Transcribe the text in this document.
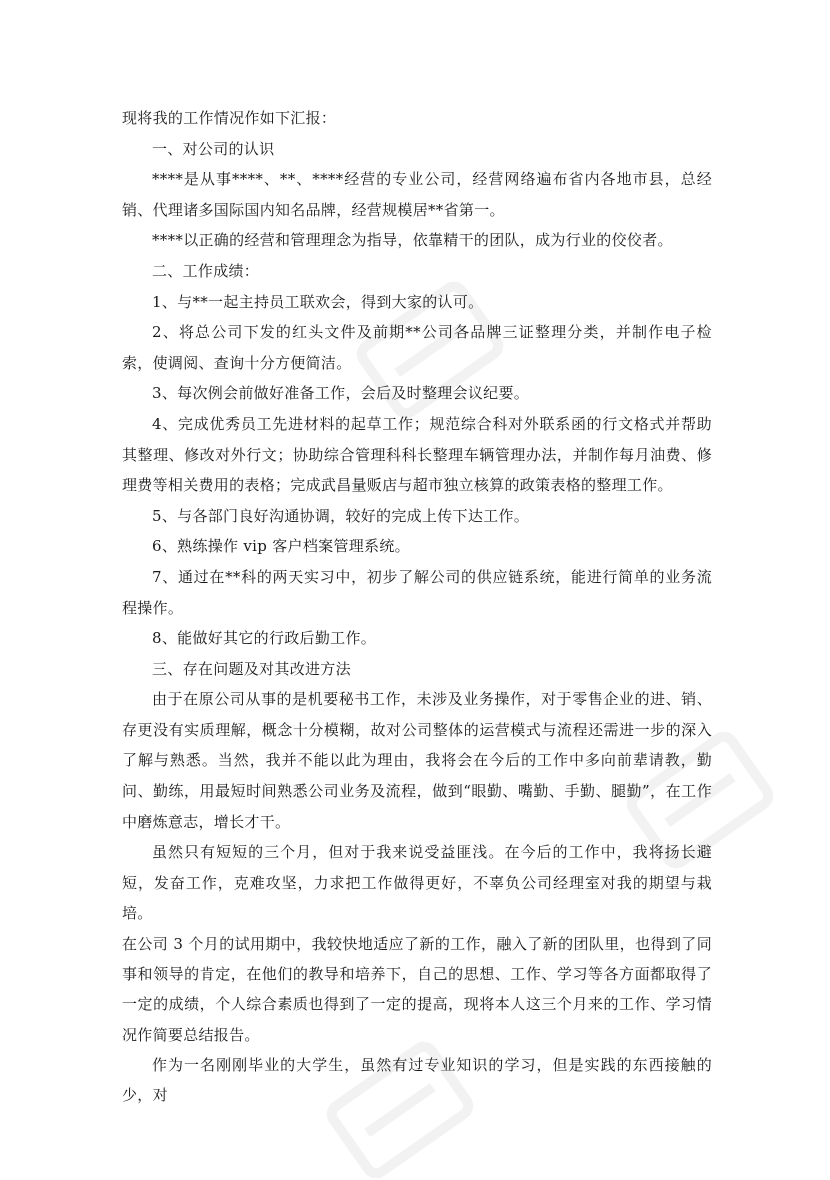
现将我的工作情况作如下汇报：

一、对公司的认识

****是从事****、**、****经营的专业公司，经营网络遍布省内各地市县，总经销、代理诸多国际国内知名品牌，经营规模居**省第一。

****以正确的经营和管理理念为指导，依靠精干的团队，成为行业的佼佼者。

二、工作成绩：

1、与**一起主持员工联欢会，得到大家的认可。

2、将总公司下发的红头文件及前期**公司各品牌三证整理分类，并制作电子检索，使调阅、查询十分方便简洁。

3、每次例会前做好准备工作，会后及时整理会议纪要。

4、完成优秀员工先进材料的起草工作；规范综合科对外联系函的行文格式并帮助其整理、修改对外行文；协助综合管理科科长整理车辆管理办法，并制作每月油费、修理费等相关费用的表格；完成武昌量贩店与超市独立核算的政策表格的整理工作。

5、与各部门良好沟通协调，较好的完成上传下达工作。

6、熟练操作 vip 客户档案管理系统。

7、通过在**科的两天实习中，初步了解公司的供应链系统，能进行简单的业务流程操作。

8、能做好其它的行政后勤工作。

三、存在问题及对其改进方法

由于在原公司从事的是机要秘书工作，未涉及业务操作，对于零售企业的进、销、存更没有实质理解，概念十分模糊，故对公司整体的运营模式与流程还需进一步的深入了解与熟悉。当然，我并不能以此为理由，我将会在今后的工作中多向前辈请教，勤问、勤练，用最短时间熟悉公司业务及流程，做到“眼勤、嘴勤、手勤、腿勤”，在工作中磨炼意志，增长才干。

虽然只有短短的三个月，但对于我来说受益匪浅。在今后的工作中，我将扬长避短，发奋工作，克难攻坚，力求把工作做得更好，不辜负公司经理室对我的期望与栽培。

在公司 3 个月的试用期中，我较快地适应了新的工作，融入了新的团队里，也得到了同事和领导的肯定，在他们的教导和培养下，自己的思想、工作、学习等各方面都取得了一定的成绩，个人综合素质也得到了一定的提高，现将本人这三个月来的工作、学习情况作简要总结报告。

作为一名刚刚毕业的大学生，虽然有过专业知识的学习，但是实践的东西接触的少，对
